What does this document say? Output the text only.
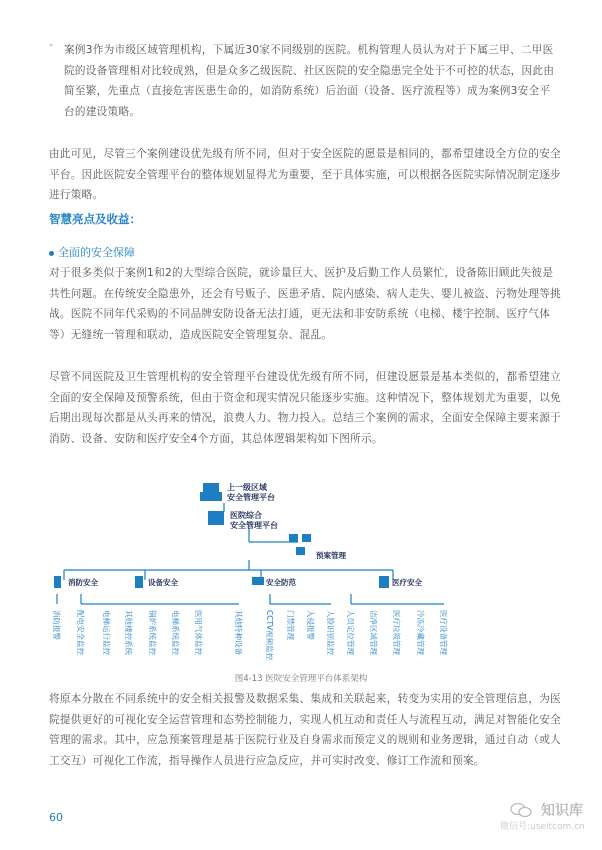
- 案例3作为市级区域管理机构，下属近30家不同级别的医院。机构管理人员认为对于下属三甲、二甲医院的设备管理相对比较成熟，但是众多乙级医院、社区医院的安全隐患完全处于不可控的状态，因此由简至繁，先重点（直接危害医患生命的，如消防系统）后治面（设备、医疗流程等）成为案例3安全平台的建设策略。

由此可见，尽管三个案例建设优先级有所不同，但对于安全医院的愿景是相同的，都希望建设全方位的安全平台。因此医院安全管理平台的整体规划显得尤为重要，至于具体实施，可以根据各医院实际情况制定逐步进行策略。

智慧亮点及收益：
全面的安全保障

对于很多类似于案例1和2的大型综合医院，就诊量巨大、医护及后勤工作人员繁忙，设备陈旧顾此失彼是共性问题。在传统安全隐患外，还会有号贩子、医患矛盾、院内感染、病人走失、婴儿被盗、污物处理等挑战。医院不同年代采购的不同品牌安防设备无法打通，更无法和非安防系统（电梯、楼宇控制、医疗气体等）无缝统一管理和联动，造成医院安全管理复杂、混乱。

尽管不同医院及卫生管理机构的安全管理平台建设优先级有所不同，但建设愿景是基本类似的，都希望建立全面的安全保障及预警系统，但由于资金和现实情况只能逐步实施。这种情况下，整体规划尤为重要，以免后期出现每次都是从头再来的情况，浪费人力、物力投入。总结三个案例的需求，全面安全保障主要来源于消防、设备、安防和医疗安全4个方面，其总体逻辑架构如下图所示。

上一级区域
安全管理平台
医院综合
安全管理平台
预案管理
消防安全	设备安全	安全防范	医疗安全
消防报警 配电安全监控 电梯运行监控 其他楼控系统 锅炉系统监控 电梯系统监控 医用气体监控	其他特种设备	CCTV视频监控 门禁管理 入侵报警 人脸识别监控 人员定位管理 洁净区域管理 医疗垃圾管理 冷冻冷藏管理 医疗设备管理
图4-13 医院安全管理平台体系架构

将原本分散在不同系统中的安全相关报警及数据采集、集成和关联起来，转变为实用的安全管理信息，为医院提供更好的可视化安全运营管理和态势控制能力，实现人机互动和责任人与流程互动，满足对智能化安全管理的需求。其中，应急预案管理是基于医院行业及自身需求而预定义的规则和业务逻辑，通过自动（或人工交互）可视化工作流，指导操作人员进行应急反应，并可实时改变、修订工作流和预案。

60	知识库
微信号:useitcom.cn
